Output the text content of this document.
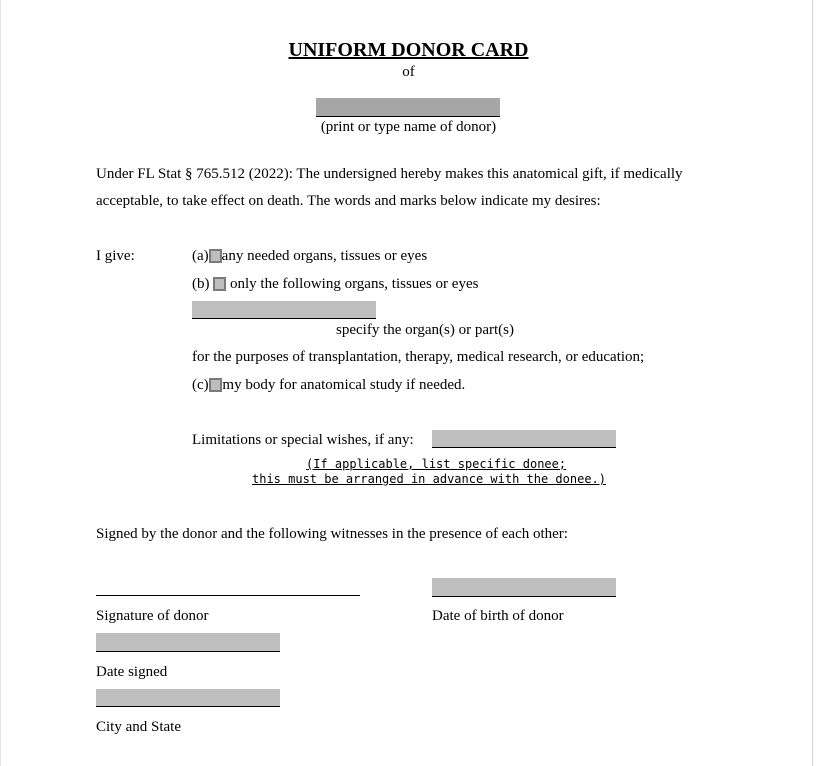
UNIFORM DONOR CARD
of
(print or type name of donor)
Under FL Stat § 765.512 (2022): The undersigned hereby makes this anatomical gift, if medically
acceptable, to take effect on death. The words and marks below indicate my desires:
I give:	(a) any needed organs, tissues or eyes
(b) only the following organs, tissues or eyes
specify the organ(s) or part(s)
for the purposes of transplantation, therapy, medical research, or education;
(c) my body for anatomical study if needed.
Limitations or special wishes, if any:
(If applicable, list specific donee;
this must be arranged in advance with the donee.)
Signed by the donor and the following witnesses in the presence of each other:
Signature of donor	Date of birth of donor
Date signed
City and State
